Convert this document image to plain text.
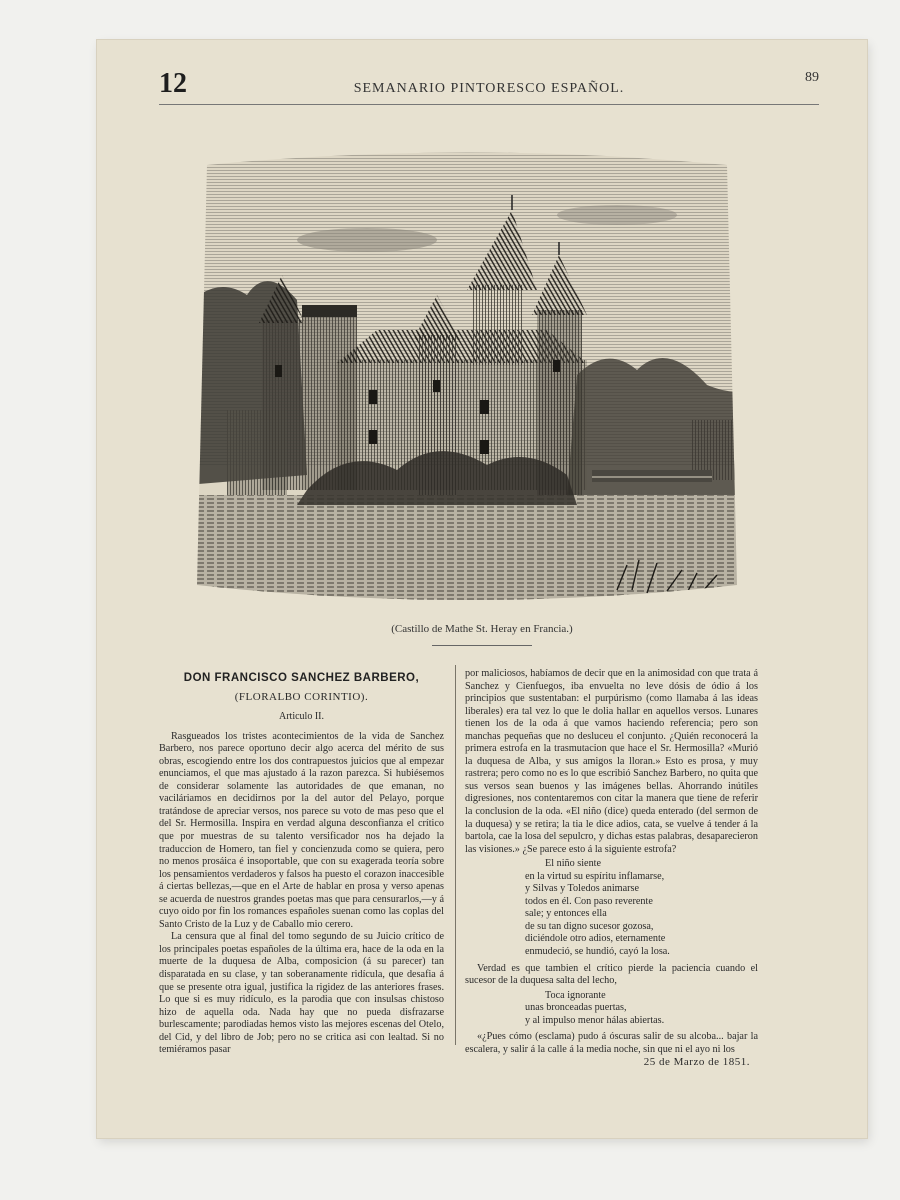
12	SEMANARIO PINTORESCO ESPAÑOL.
89
(Castillo de Mathe St. Heray en Francia.)
DON FRANCISCO SANCHEZ BARBERO,
(FLORALBO CORINTIO).
Articulo II.

Rasgueados los tristes acontecimientos de la vida de Sanchez Barbero, nos parece oportuno decir algo acerca del mérito de sus obras, escogiendo entre los dos contrapuestos juicios que al empezar enunciamos, el que mas ajustado á la razon parezca. Si hubiésemos de considerar solamente las autoridades de que emanan, no vaciláriamos en decidirnos por la del autor del Pelayo, porque tratándose de apreciar versos, nos parece su voto de mas peso que el del Sr. Hermosilla. Inspira en verdad alguna desconfianza el crítico que por muestras de su talento versificador nos ha dejado la traduccion de Homero, tan fiel y concienzuda como se quiera, pero no menos prosáica é insoportable, que con su exagerada teoría sobre los pensamientos verdaderos y falsos ha puesto el corazon inaccesible á ciertas bellezas,—que en el Arte de hablar en prosa y verso apenas se acuerda de nuestros grandes poetas mas que para censurarlos,—y á cuyo oido por fin los romances españoles suenan como las coplas del Santo Cristo de la Luz y de Caballo mio cerero.

La censura que al final del tomo segundo de su Juicio crítico de los principales poetas españoles de la última era, hace de la oda en la muerte de la duquesa de Alba, composicion (á su parecer) tan disparatada en su clase, y tan soberanamente ridícula, que desafia á que se presente otra igual, justifica la rigidez de las anteriores frases. Lo que si es muy ridículo, es la parodia que con insulsas chistoso hizo de aquella oda. Nada hay que no pueda disfrazarse burlescamente; parodiadas hemos visto las mejores escenas del Otelo, del Cid, y del libro de Job; pero no se critica asi con lealtad. Si no temiéramos pasar

por maliciosos, habíamos de decir que en la animosidad con que trata á Sanchez y Cienfuegos, iba envuelta no leve dósis de ódio á los principios que sustentaban: el purpúrismo (como llamaba á las ideas liberales) era tal vez lo que le dolia hallar en aquellos versos. Lunares tienen los de la oda á que vamos haciendo referencia; pero son manchas pequeñas que no desluceu el conjunto. ¿Quién reconocerá la primera estrofa en la trasmutacion que hace el Sr. Hermosilla? «Murió la duquesa de Alba, y sus amigos la lloran.» Esto es prosa, y muy rastrera; pero como no es lo que escribió Sanchez Barbero, no quita que sus versos sean buenos y las imágenes bellas. Ahorrando inútiles digresiones, nos contentaremos con citar la manera que tiene de referir la conclusion de la oda. «El niño (dice) queda enterado (del sermon de la duquesa) y se retira; la tia le dice adios, cata, se vuelve á tender á la bartola, cae la losa del sepulcro, y dichas estas palabras, desaparecieron las visiones.» ¿Se parece esto á la siguiente estrofa?

El niño siente
en la virtud su espíritu inflamarse,
y Silvas y Toledos animarse
todos en él. Con paso reverente
sale; y entonces ella
de su tan digno sucesor gozosa,
diciéndole otro adios, eternamente
enmudeció, se hundió, cayó la losa.

Verdad es que tambien el crítico pierde la paciencia cuando el sucesor de la duquesa salta del lecho,

Toca ignorante
unas bronceadas puertas,
y al impulso menor hálas abiertas.

«¿Pues cómo (esclama) pudo á óscuras salir de su alcoba... bajar la escalera, y salir á la calle á la media noche, sin que ni el ayo ni los

25 de Marzo de 1851.
